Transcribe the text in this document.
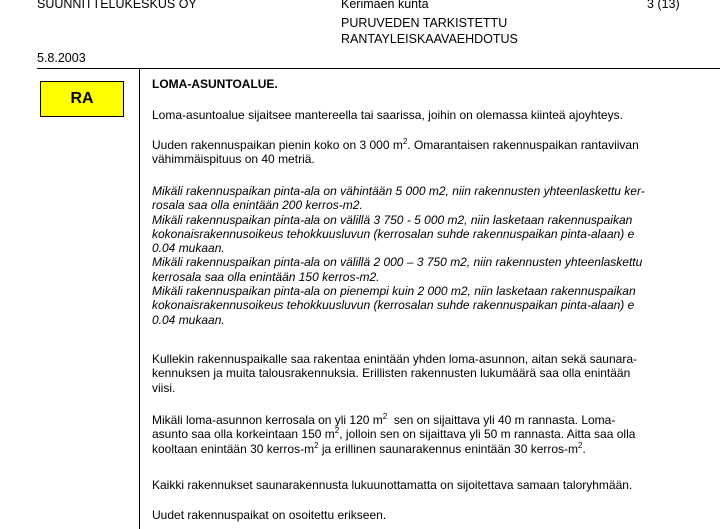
SUUNNITTELUKESKUS OY	Kerimäen kunta
PURUVEDEN TARKISTETTU
RANTAYLEISKAAVAEHDOTUS
3 (13)
5.8.2003
RA
LOMA-ASUNTOALUE.
Loma-asuntoalue sijaitsee mantereella tai saarissa, joihin on olemassa kiinteä ajoyhteys.
Uuden rakennuspaikan pienin koko on 3 000 $m^2$. Omarantaisen rakennuspaikan rantaviivan
vähimmäispituus on 40 metriä.
Mikäli rakennuspaikan pinta-ala on vähintään 5 000 m2, niin rakennusten yhteenlaskettu ker-
rosala saa olla enintään 200 kerros-m2.
Mikäli rakennuspaikan pinta-ala on välillä 3 750 - 5 000 m2, niin lasketaan rakennuspaikan
kokonaisrakennusoikeus tehokkuusluvun (kerrosalan suhde rakennuspaikan pinta-alaan) e
0.04 mukaan.
Mikäli rakennuspaikan pinta-ala on välillä 2 000 – 3 750 m2, niin rakennusten yhteenlaskettu
kerrosala saa olla enintään 150 kerros-m2.
Mikäli rakennuspaikan pinta-ala on pienempi kuin 2 000 m2, niin lasketaan rakennuspaikan
kokonaisrakennusoikeus tehokkuusluvun (kerrosalan suhde rakennuspaikan pinta-alaan) e
0.04 mukaan.
Kullekin rakennuspaikalle saa rakentaa enintään yhden loma-asunnon, aitan sekä saunara-
kennuksen ja muita talousrakennuksia. Erillisten rakennusten lukumäärä saa olla enintään
viisi.
Mikäli loma-asunnon kerrosala on yli 120 $m^2$  sen on sijaittava yli 40 m rannasta. Loma-
asunto saa olla korkeintaan 150 $m^2$, jolloin sen on sijaittava yli 50 m rannasta. Aitta saa olla
kooltaan enintään 30 kerros-$m^2$ ja erillinen saunarakennus enintään 30 kerros-$m^2$.
Kaikki rakennukset saunarakennusta lukuunottamatta on sijoitettava samaan taloryhmään.
Uudet rakennuspaikat on osoitettu erikseen.
